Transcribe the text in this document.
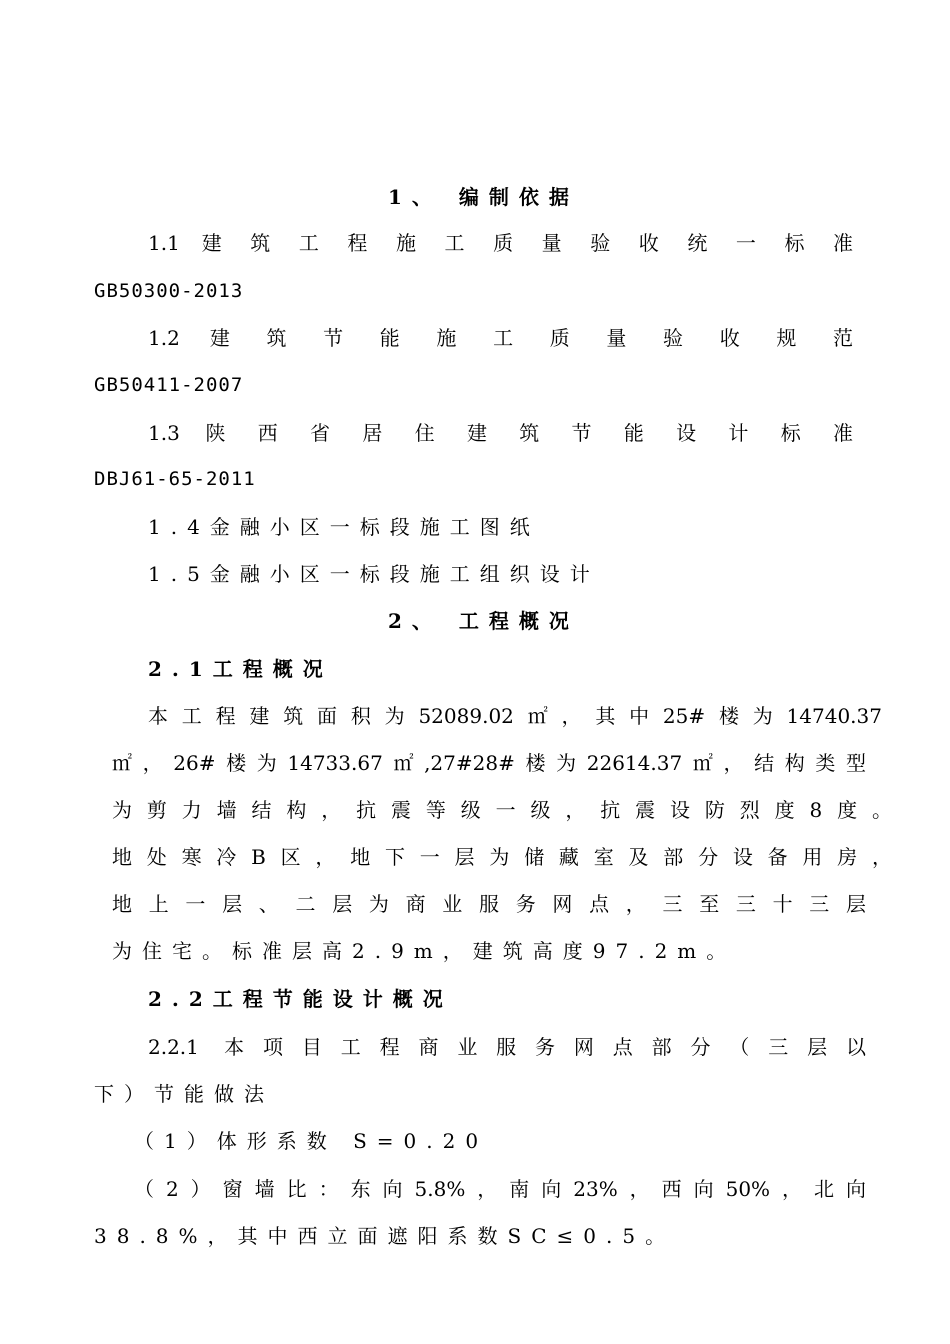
1、 编制依据
1.1 建筑工程施工质量验收统一标准
GB50300-2013
1.2 建筑节能施工质量验收规范
GB50411-2007
1.3 陕西省居住建筑节能设计标准
DBJ61-65-2011
1.4金融小区一标段施工图纸
1.5金融小区一标段施工组织设计
2、 工程概况
2.1工程概况
本工程建筑面积为52089.02㎡，其中25#楼为14740.37
㎡，26#楼为14733.67㎡,27#28#楼为22614.37㎡，结构类型
为剪力墙结构，抗震等级一级，抗震设防烈度8度。
地处寒冷B区，地下一层为储藏室及部分设备用房，
地上一层、二层为商业服务网点，三至三十三层
为住宅。标准层高2.9m，建筑高度97.2m。
2.2工程节能设计概况
2.2.1 本项目工程商业服务网点部分（三层以
下）节能做法
（1）体形系数 S=0.20
（2）窗墙比：东向5.8%，南向23%，西向50%，北向
38.8%，其中西立面遮阳系数SC≤0.5。
